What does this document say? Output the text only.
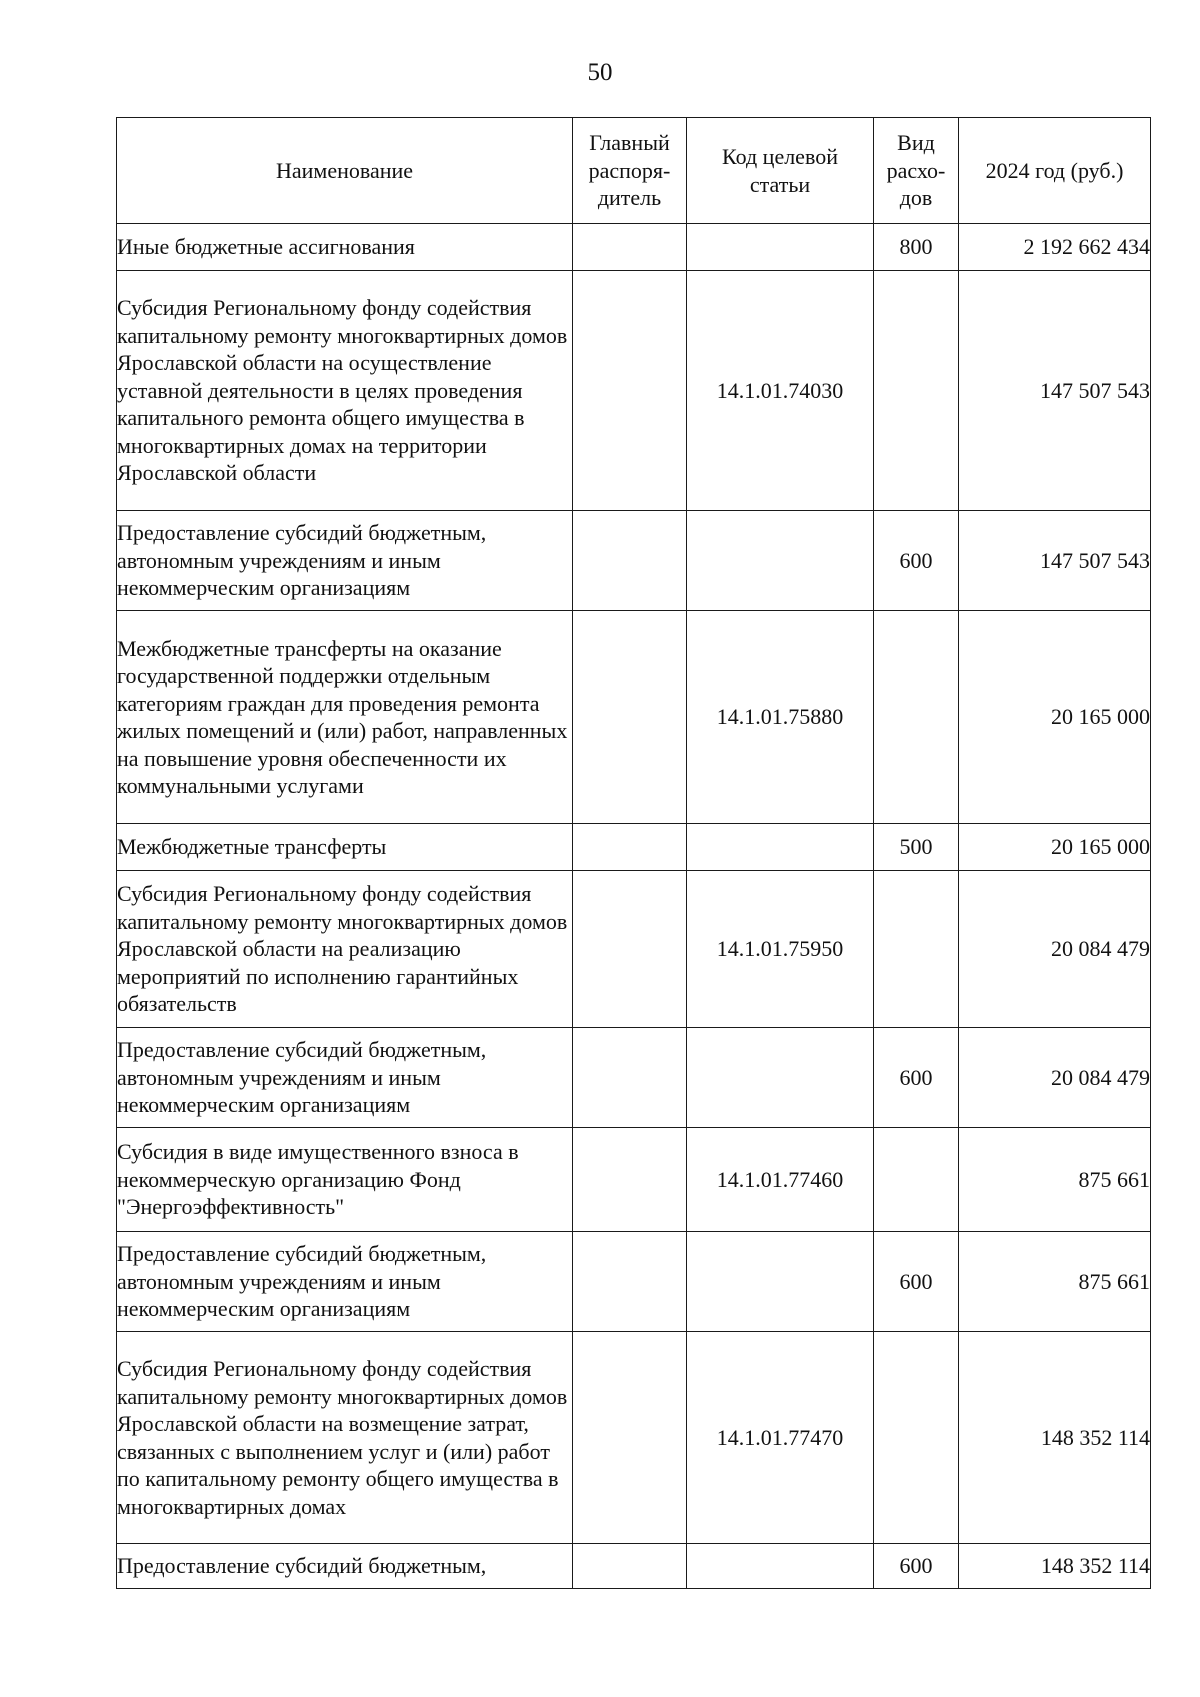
50
Наименование	Главный распоря-дитель	Код целевой статьи	Вид расхо-дов	2024 год (руб.)
Иные бюджетные ассигнования			800	2 192 662 434
Субсидия Региональному фонду содействия капитальному ремонту многоквартирных домов Ярославской области на осуществление уставной деятельности в целях проведения капитального ремонта общего имущества в многоквартирных домах на территории Ярославской области		14.1.01.74030		147 507 543
Предоставление субсидий бюджетным, автономным учреждениям и иным некоммерческим организациям			600	147 507 543
Межбюджетные трансферты на оказание государственной поддержки отдельным категориям граждан для проведения ремонта жилых помещений и (или) работ, направленных на повышение уровня обеспеченности их коммунальными услугами		14.1.01.75880		20 165 000
Межбюджетные трансферты			500	20 165 000
Субсидия Региональному фонду содействия капитальному ремонту многоквартирных домов Ярославской области на реализацию мероприятий по исполнению гарантийных обязательств		14.1.01.75950		20 084 479
Предоставление субсидий бюджетным, автономным учреждениям и иным некоммерческим организациям			600	20 084 479
Субсидия в виде имущественного взноса в некоммерческую организацию Фонд "Энергоэффективность"		14.1.01.77460		875 661
Предоставление субсидий бюджетным, автономным учреждениям и иным некоммерческим организациям			600	875 661
Субсидия Региональному фонду содействия капитальному ремонту многоквартирных домов Ярославской области на возмещение затрат, связанных с выполнением услуг и (или) работ по капитальному ремонту общего имущества в многоквартирных домах		14.1.01.77470		148 352 114
Предоставление субсидий бюджетным,			600	148 352 114
